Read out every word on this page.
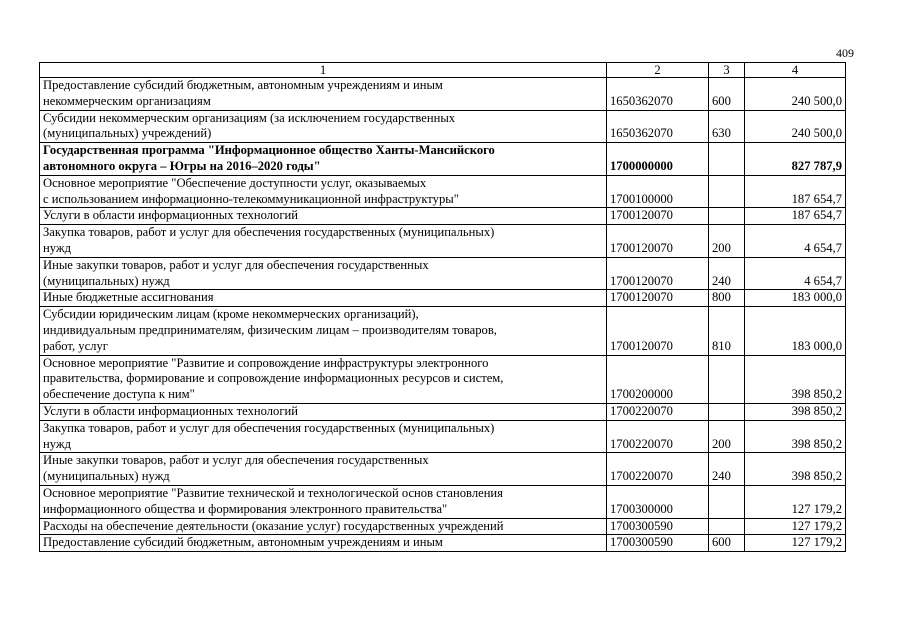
409
1	2	3	4
Предоставление субсидий бюджетным, автономным учреждениям и иным
некоммерческим организациям	1650362070	600	240 500,0
Субсидии некоммерческим организациям (за исключением государственных
(муниципальных) учреждений)	1650362070	630	240 500,0
Государственная программа "Информационное общество Ханты-Мансийского
автономного округа – Югры на 2016–2020 годы"	1700000000		827 787,9
Основное мероприятие "Обеспечение доступности услуг, оказываемых
с использованием информационно-телекоммуникационной инфраструктуры"	1700100000		187 654,7
Услуги в области информационных технологий	1700120070		187 654,7
Закупка товаров, работ и услуг для обеспечения государственных (муниципальных)
нужд	1700120070	200	4 654,7
Иные закупки товаров, работ и услуг для обеспечения государственных
(муниципальных) нужд	1700120070	240	4 654,7
Иные бюджетные ассигнования	1700120070	800	183 000,0
Субсидии юридическим лицам (кроме некоммерческих организаций),
индивидуальным предпринимателям, физическим лицам – производителям товаров,
работ, услуг	1700120070	810	183 000,0
Основное мероприятие "Развитие и сопровождение инфраструктуры электронного
правительства, формирование и сопровождение информационных ресурсов и систем,
обеспечение доступа к ним"	1700200000		398 850,2
Услуги в области информационных технологий	1700220070		398 850,2
Закупка товаров, работ и услуг для обеспечения государственных (муниципальных)
нужд	1700220070	200	398 850,2
Иные закупки товаров, работ и услуг для обеспечения государственных
(муниципальных) нужд	1700220070	240	398 850,2
Основное мероприятие "Развитие технической и технологической основ становления
информационного общества и формирования электронного правительства"	1700300000		127 179,2
Расходы на обеспечение деятельности (оказание услуг) государственных учреждений	1700300590		127 179,2
Предоставление субсидий бюджетным, автономным учреждениям и иным	1700300590	600	127 179,2
